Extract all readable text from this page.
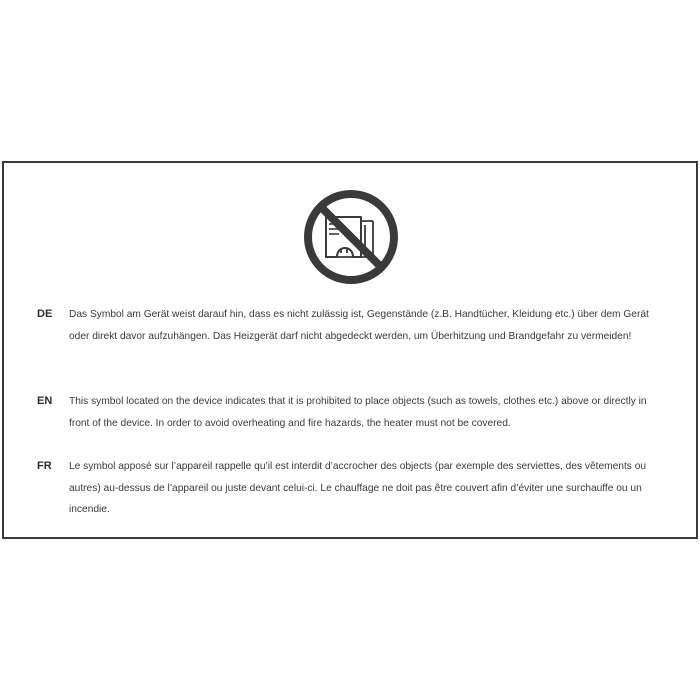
DE Das Symbol am Gerät weist darauf hin, dass es nicht zulässig ist, Gegenstände (z.B. Handtücher, Kleidung etc.) über dem Gerät oder direkt davor aufzuhängen. Das Heizgerät darf nicht abgedeckt werden, um Überhitzung und Brandgefahr zu vermeiden!
EN This symbol located on the device indicates that it is prohibited to place objects (such as towels, clothes etc.) above or directly in front of the device. In order to avoid overheating and fire hazards, the heater must not be covered.
FR Le symbol apposé sur l’appareil rappelle qu’il est interdit d’accrocher des objects (par exemple des serviettes, des vêtements ou autres) au-dessus de l’appareil ou juste devant celui-ci. Le chauffage ne doit pas être couvert afin d’éviter une surchauffe ou un incendie.
